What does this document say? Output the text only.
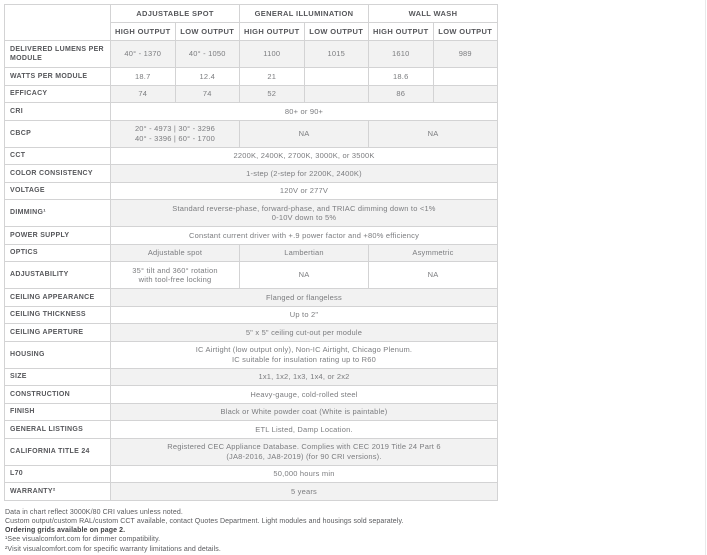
	ADJUSTABLE SPOT		GENERAL ILLUMINATION		WALL WASH	
	HIGH OUTPUT	LOW OUTPUT	HIGH OUTPUT	LOW OUTPUT	HIGH OUTPUT	LOW OUTPUT
DELIVERED LUMENS PER MODULE	40° - 1370	40° - 1050	1100	1015	1610	989
WATTS PER MODULE	18.7	12.4	21		18.6	
EFFICACY	74	74	52		86	
CRI	80+ or 90+					
CBCP	20° - 4973 | 30° - 3296
40° - 3396 | 60° - 1700		NA		NA	
CCT	2200K, 2400K, 2700K, 3000K, or 3500K					
COLOR CONSISTENCY	1-step (2-step for 2200K, 2400K)					
VOLTAGE	120V or 277V					
DIMMING¹	Standard reverse-phase, forward-phase, and TRIAC dimming down to <1%
0-10V down to 5%					

POWER SUPPLY	Constant current driver with +.9 power factor and +80% efficiency					
OPTICS	Adjustable spot		Lambertian		Asymmetric	
ADJUSTABILITY	35° tilt and 360° rotation
with tool-free locking		NA		NA	
CEILING APPEARANCE	Flanged or flangeless					
CEILING THICKNESS	Up to 2"					
CEILING APERTURE	5" x 5" ceiling cut-out per module					
HOUSING	IC Airtight (low output only), Non-IC Airtight, Chicago Plenum.
IC suitable for insulation rating up to R60					

SIZE	1x1, 1x2, 1x3, 1x4, or 2x2					
CONSTRUCTION	Heavy-gauge, cold-rolled steel					
FINISH	Black or White powder coat (White is paintable)					
GENERAL LISTINGS	ETL Listed, Damp Location.					
CALIFORNIA TITLE 24	Registered CEC Appliance Database. Complies with CEC 2019 Title 24 Part 6
(JA8-2016, JA8-2019) (for 90 CRI versions).					

L70	50,000 hours min					
WARRANTY²	5 years					
Data in chart reflect 3000K/80 CRI values unless noted.
Custom output/custom RAL/custom CCT available, contact Quotes Department. Light modules and housings sold separately.
Ordering grids available on page 2.
¹See visualcomfort.com for dimmer compatibility.
²Visit visualcomfort.com for specific warranty limitations and details.
